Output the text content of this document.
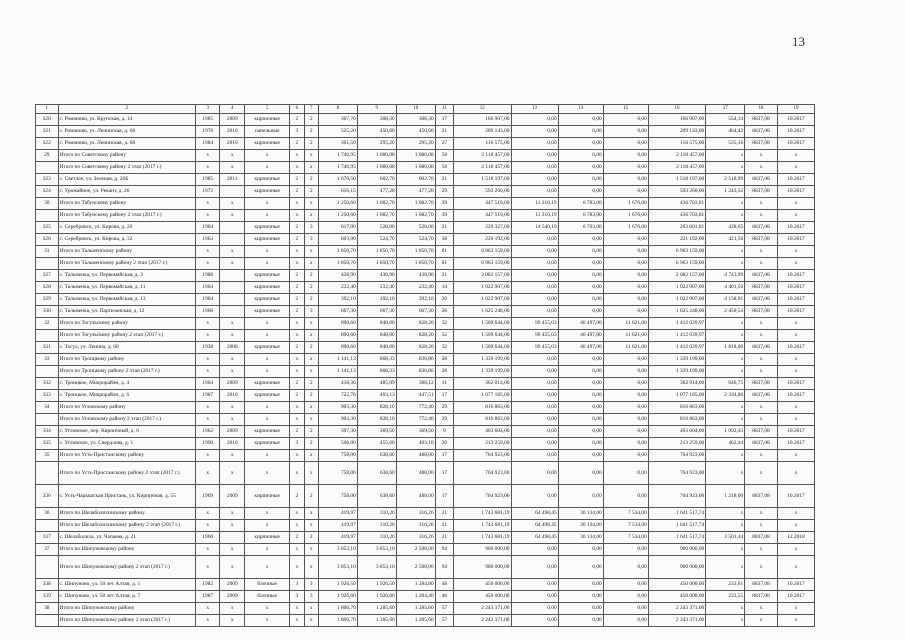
13
1	2	3	4	5	6	7	8	9	10	11	12	13	14	15	16	17	18	19
320	с. Романово, ул. Крупская, д. 14	1985	2009	кирпичные	2	2	367,70	308,30	308,30	17	166 907,00	0,00	0,00	0,00	166 907,00	554,14	8837,08	10.2017
321	с. Романово, ул. Ленинская, д. 66	1978	2010	панельные	3	2	525,20	450,60	450,60	21	209 143,00	0,00	0,00	0,00	209 143,00	464,42	8837,08	10.2017
322	с. Романово, ул. Ленинская, д. 68	1984	2010	кирпичные	2	2	361,50	295,20	295,20	27	116 575,00	0,00	0,00	0,00	116 575,00	535,16	8837,08	10.2017
29	Итого по Советскому району	х	х	х	х	х	1 746,95	1 080,08	1 080,08	58	2 118 457,00	0,00	0,00	0,00	2 118 457,00	х	х	х
	Итого по Советскому району 2 этап (2017 г.)	х	х	х	х	х	1 746,95	1 080,08	1 080,08	58	2 118 457,00	0,00	0,00	0,00	2 118 457,00	х	х	х
323	с. Светлое, ул. Зеленая, д. 20Б	1985	2011	кирпичные	2	2	1 670,50	602,70	602,70	21	1 518 197,00	0,00	0,00	0,00	1 518 197,00	2 518,99	8837,08	10.2017
324	с. Урожайное, ул. Рекант, д. 26	1972		кирпичные	2	2	616,15	477,28	477,28	29	593 260,00	0,00	0,00	0,00	593 260,00	1 243,32	8837,08	10.2017
30	Итого по Табунскому району	х	х	х	х	х	1 250,60	1 082,70	1 082,70	39	447 519,00	11 316,19	6 783,00	1 676,00	436 703,81	х	х	х
	Итого по Табунскому району 2 этап (2017 г.)	х	х	х	х	х	1 250,60	1 082,70	1 082,70	39	447 519,00	11 316,19	6 783,00	1 676,00	436 703,81	х	х	х
325	с. Серебрянск, ул. Кирова, д. 20	1964		кирпичные	2	3	617,00	528,00	528,00	21	226 327,00	14 540,19	6 703,00	1 676,00	203 601,81	428,65	8837,08	10.2017
326	с. Серебрянск, ул. Кирова, д. 32	1963		кирпичные	2	3	603,00	524,70	524,70	38	220 192,00	0,00	0,00	0,00	221 192,00	421,56	8837,08	10.2017
31	Итого по Тальменскому району	х	х	х	х	х	1 850,70	1 850,70	1 850,70	81	6 963 159,00	0,00	0,00	0,00	6 963 159,00	х	х	х
	Итого по Тальменскому району 2 этап (2017 г.)	х	х	х	х	х	1 850,70	1 850,70	1 850,70	81	6 963 159,00	0,00	0,00	0,00	6 963 159,00	х	х	х
327	с. Тальменка, ул. Первомайская, д. 3	1988		кирпичные	2	2	438,90	438,90	438,90	21	2 082 157,00	0,00	0,00	0,00	2 082 157,00	4 743,99	8837,08	10.2017
328	с. Тальменка, ул. Первомайская, д. 11	1964		кирпичные	2	2	232,40	232,40	232,40	14	1 022 907,00	0,00	0,00	0,00	1 022 907,00	4 401,50	8837,08	10.2017
329	с. Тальменка, ул. Первомайская, д. 13	1964		кирпичные	2	2	392,10	392,10	392,10	20	1 022 907,00	0,00	0,00	0,00	1 022 907,00	4 158,01	8837,08	10.2017
330	с. Тальменка, ул. Партизанская, д. 12	1968		кирпичные	2	3	667,30	667,30	667,30	26	1 625 248,00	0,00	0,00	0,00	1 625 248,00	2 450,54	8837,08	10.2017
32	Итого по Тогульскому району	х	х	х	х	х	890,60	848,00	828,20	32	1 509 644,00	99 455,03	46 497,00	11 621,00	1 412 039,97	х	х	х
	Итого по Тогульскому району 2 этап (2017 г.)	х	х	х	х	х	890,60	848,00	828,20	32	1 509 644,00	99 455,03	46 497,00	11 621,00	1 412 039,97	х	х	х
331	с. Тогул, ул. Ленина, д. 68	1938	2008	кирпичные	2	2	890,60	848,00	828,20	32	1 509 644,00	99 455,03	46 497,00	11 621,00	1 412 039,97	1 818,00	8837,08	10.2017
33	Итого по Троицкому району	х	х	х	х	х	1 141,13	868,33	836,86	28	1 339 199,00	0,00	0,00	0,00	1 339 199,00	х	х	х
	Итого по Троицкому району 2 этап (2017 г.)	х	х	х	х	х	1 141,13	868,33	836,86	28	1 339 199,00	0,00	0,00	0,00	1 339 199,00	х	х	х
332	с. Троицкое, Микрорайон, д. 4	1964	2009	кирпичные	2	2	418,36	485,09	388,12	11	362 014,00	0,00	0,00	0,00	362 014,00	646,75	8837,08	10.2017
333	с. Троицкое, Микрорайон, д. 6	1967	2010	кирпичные	2	2	722,76	403,13	447,51	17	1 077 185,00	0,00	0,00	0,00	1 077 185,00	2 334,86	8837,08	10.2017
34	Итого по Угловскому району	х	х	х	х	х	903,30	828,10	772,40	29	816 863,00	0,00	0,00	0,00	816 863,00	х	х	х
	Итого по Угловскому району 2 этап (2017 г.)	х	х	х	х	х	903,30	828,10	772,40	29	816 863,00	0,00	0,00	0,00	816 863,00	х	х	х
334	с. Угловское, пер. Кирпичный, д. 6	1962	2009	кирпичные	2	2	397,30	369,50	369,50	9	403 604,00	0,00	0,00	0,00	403 604,00	1 092,43	8837,08	10.2017
335	с. Угловское, ул. Свердлова, д. 1	1990	2010	кирпичные	3	2	506,00	455,60	403,10	20	213 259,00	0,00	0,00	0,00	213 259,00	462,44	8837,08	10.2017
35	Итого по Усть-Пристанскому району	х	х	х	х	х	758,00	638,60	488,00	17	764 923,00	0,00	0,00	0,00	764 923,00	х	х	х
	Итого по Усть-Пристанскому району 2 этап (2017 г.)	х	х	х	х	х	758,00	638,60	488,00	17	764 923,00	0,00	0,00	0,00	764 923,00	х	х	х
336	с. Усть-Чарышская Пристань, ул. Кирпичная, д. 55	1969	2009	кирпичные	2	2	758,00	638,60	488,00	17	764 923,00	0,00	0,00	0,00	764 923,00	1 218,00	8837,08	10.2017
36	Итого по Шелаболихинскому району	х	х	х	х	х	419,97	310,26	316,26	21	1 743 681,19	64 498,45	30 134,00	7 534,00	1 641 517,74	х	х	х
	Итого по Шелаболихинскому району 2 этап (2017 г.)	х	х	х	х	х	419,97	310,26	316,26	21	1 743 681,19	64 498,45	30 134,00	7 534,00	1 641 517,74	х	х	х
337	с. Шелаболиха, ул. Чапаева, д. 21	1960		кирпичные	2	2	419,97	310,26	316,26	21	1 743 681,19	64 498,45	30 134,00	7 534,00	1 641 517,74	3 501,44	8837,08	12.2018
37	Итого по Шипуновскому району	х	х	х	х	х	3 853,10	3 853,10	2 508,00	94	900 000,00	0,00	0,00	0,00	900 000,00	х	х	х
	Итого по Шипуновскому району 2 этап (2017 г.)	х	х	х	х	х	3 853,10	3 853,10	2 508,00	94	900 000,00	0,00	0,00	0,00	900 000,00	х	х	х
338	с. Шипуново, ул. 50 лет Алтая, д. 5	1982	2009	блочные	3	3	1 926,50	1 926,50	1 284,80	48	450 000,00	0,00	0,00	0,00	450 000,00	233,61	8837,08	10.2017
339	с. Шипуново, ул. 50 лет Алтая, д. 7	1987	2009	блочные	3	3	1 926,60	1 926,60	1 284,40	46	450 000,00	0,00	0,00	0,00	450 000,00	233,55	8837,08	10.2017
38	Итого по Шипуновскому району	х	х	х	х	х	1 806,70	1 285,60	1 285,60	57	2 243 371,00	0,00	0,00	0,00	2 243 371,00	х	х	х
	Итого по Шипуновскому району 2 этап (2017 г.)	х	х	х	х	х	1 806,70	1 285,60	1 285,60	57	2 243 371,00	0,00	0,00	0,00	2 243 371,00	х	х	х
